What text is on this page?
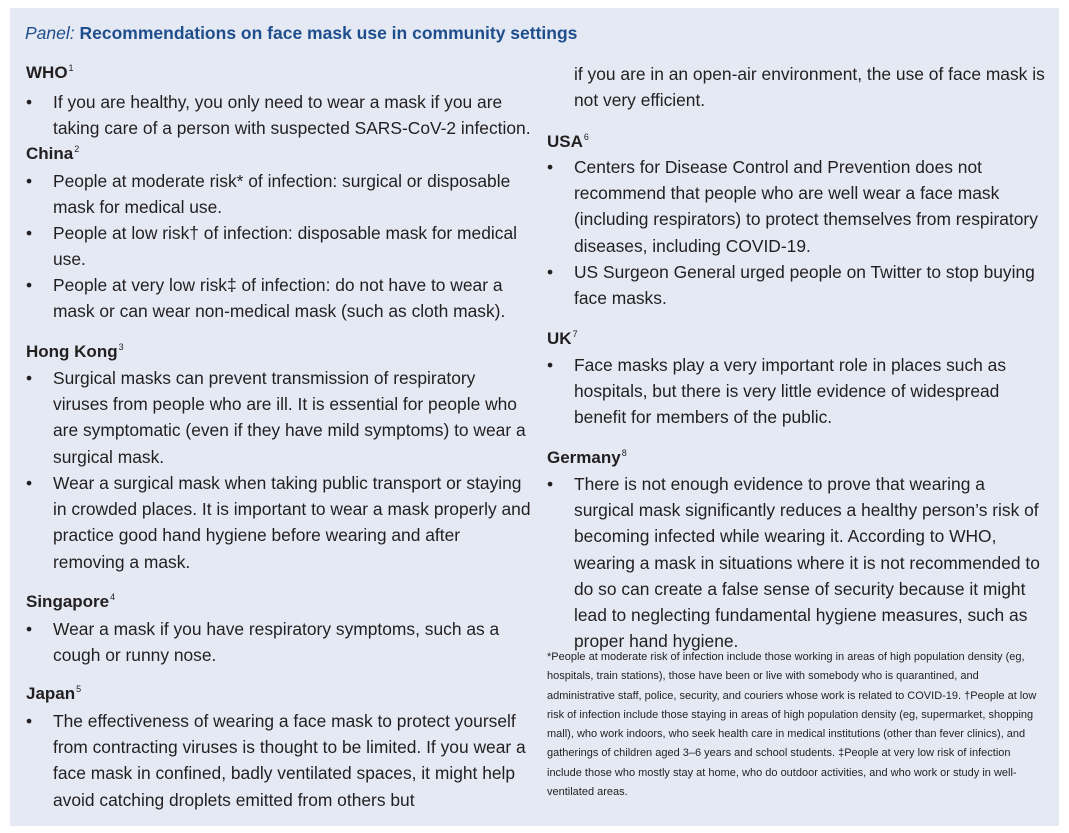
Panel: Recommendations on face mask use in community settings
WHO$^1$
•	If you are healthy, you only need to wear a mask if you are taking care of a person with suspected SARS-CoV-2 infection.
China$^2$
•	People at moderate risk* of infection: surgical or disposable mask for medical use.
•	People at low risk† of infection: disposable mask for medical use.
•	People at very low risk‡ of infection: do not have to wear a mask or can wear non-medical mask (such as cloth mask).
Hong Kong$^3$
•	Surgical masks can prevent transmission of respiratory viruses from people who are ill. It is essential for people who are symptomatic (even if they have mild symptoms) to wear a surgical mask.
•	Wear a surgical mask when taking public transport or staying in crowded places. It is important to wear a mask properly and practice good hand hygiene before wearing and after removing a mask.
Singapore$^4$
•	Wear a mask if you have respiratory symptoms, such as a cough or runny nose.
Japan$^5$
•	The effectiveness of wearing a face mask to protect yourself from contracting viruses is thought to be limited. If you wear a face mask in confined, badly ventilated spaces, it might help avoid catching droplets emitted from others but
if you are in an open-air environment, the use of face mask is not very efficient.
USA$^6$
•	Centers for Disease Control and Prevention does not recommend that people who are well wear a face mask (including respirators) to protect themselves from respiratory diseases, including COVID-19.
•	US Surgeon General urged people on Twitter to stop buying face masks.
$UK^7$
•	Face masks play a very important role in places such as hospitals, but there is very little evidence of widespread benefit for members of the public.
Germany$^8$
•	There is not enough evidence to prove that wearing a surgical mask significantly reduces a healthy person’s risk of becoming infected while wearing it. According to WHO, wearing a mask in situations where it is not recommended to do so can create a false sense of security because it might lead to neglecting fundamental hygiene measures, such as proper hand hygiene.
*People at moderate risk of infection include those working in areas of high population density (eg, hospitals, train stations), those have been or live with somebody who is quarantined, and administrative staff, police, security, and couriers whose work is related to COVID-19. †People at low risk of infection include those staying in areas of high population density (eg, supermarket, shopping mall), who work indoors, who seek health care in medical institutions (other than fever clinics), and gatherings of children aged 3–6 years and school students. ‡People at very low risk of infection include those who mostly stay at home, who do outdoor activities, and who work or study in well-ventilated areas.
